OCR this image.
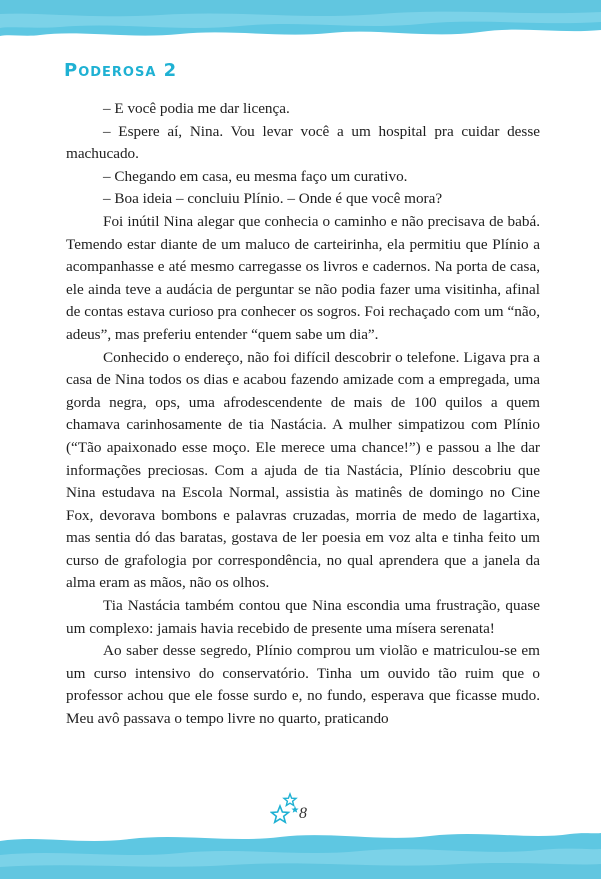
Poderosa 2

– E você podia me dar licença.

– Espere aí, Nina. Vou levar você a um hospital pra cuidar desse machucado.

– Chegando em casa, eu mesma faço um curativo.

– Boa ideia – concluiu Plínio. – Onde é que você mora?

Foi inútil Nina alegar que conhecia o caminho e não precisava de babá. Temendo estar diante de um maluco de carteirinha, ela permitiu que Plínio a acompanhasse e até mesmo carregasse os livros e cadernos. Na porta de casa, ele ainda teve a audácia de perguntar se não podia fazer uma visitinha, afinal de contas estava curioso pra conhecer os sogros. Foi rechaçado com um “não, adeus”, mas preferiu entender “quem sabe um dia”.

Conhecido o endereço, não foi difícil descobrir o telefone. Ligava pra a casa de Nina todos os dias e acabou fazendo amizade com a empregada, uma gorda negra, ops, uma afrodescendente de mais de 100 quilos a quem chamava carinhosamente de tia Nastácia. A mulher simpatizou com Plínio (“Tão apaixonado esse moço. Ele merece uma chance!”) e passou a lhe dar informações preciosas. Com a ajuda de tia Nastácia, Plínio descobriu que Nina estudava na Escola Normal, assistia às matinês de domingo no Cine Fox, devorava bombons e palavras cruzadas, morria de medo de lagartixa, mas sentia dó das baratas, gostava de ler poesia em voz alta e tinha feito um curso de grafologia por correspondência, no qual aprendera que a janela da alma eram as mãos, não os olhos.

Tia Nastácia também contou que Nina escondia uma frustração, quase um complexo: jamais havia recebido de presente uma mísera serenata!

Ao saber desse segredo, Plínio comprou um violão e matriculou-se em um curso intensivo do conservatório. Tinha um ouvido tão ruim que o professor achou que ele fosse surdo e, no fundo, esperava que ficasse mudo. Meu avô passava o tempo livre no quarto, praticando

8
